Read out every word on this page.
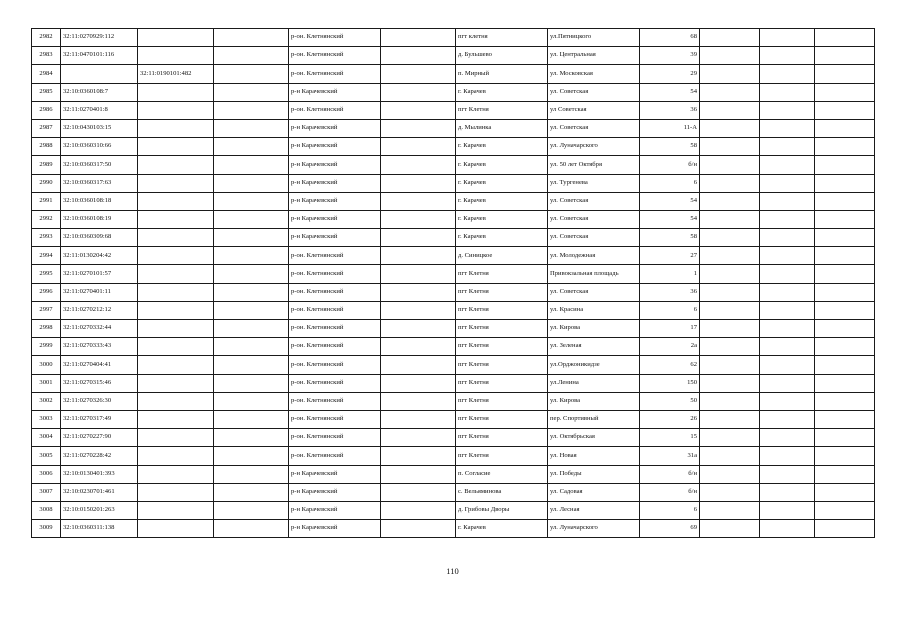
2982	32:11:0270929:112			р-он. Клетнянский		пгт клетня	ул.Пятницкого	68			
2983	32:11:0470101:116			р-он. Клетнянский		д. Бульшево	ул. Центральная	39			
2984		32:11:0190101:482		р-он. Клетнянский		п. Мирный	ул. Московская	29			
2985	32:10:0360108:7			р-н Карачевский		г. Карачев	ул. Советская	54			
2986	32:11:0270401:8			р-он. Клетнянский		пгт Клетня	ул Советская	36			
2987	32:10:0430103:15			р-н Карачевский		д. Мылинка	ул. Советская	11-А			
2988	32:10:0360310:66			р-н Карачевский		г. Карачев	ул. Луначарского	58			
2989	32:10:0360317:50			р-н Карачевский		г. Карачев	ул. 50 лет Октября	б/н			
2990	32:10:0360317:63			р-н Карачевский		г. Карачев	ул. Тургенева	6			
2991	32:10:0360108:18			р-н Карачевский		г. Карачев	ул. Советская	54			
2992	32:10:0360108:19			р-н Карачевский		г. Карачев	ул. Советская	54			
2993	32:10:0360309:68			р-н Карачевский		г. Карачев	ул. Советская	58			
2994	32:11:0130204:42			р-он. Клетнянский		д. Синицкое	ул. Молодежная	27			
2995	32:11:0270101:57			р-он. Клетнянский		пгт Клетня	Привокзальная площадь	1			
2996	32:11:0270401:11			р-он. Клетнянский		пгт Клетня	ул. Советская	36			
2997	32:11:0270212:12			р-он. Клетнянский		пгт Клетня	ул. Красина	6			
2998	32:11:0270332:44			р-он. Клетнянский		пгт Клетня	ул. Кирова	17			
2999	32:11:0270333:43			р-он. Клетнянский		пгт Клетня	ул. Зеленая	2а			
3000	32:11:0270404:41			р-он. Клетнянский		пгт Клетня	ул.Орджоникидзе	62			
3001	32:11:0270315:46			р-он. Клетнянский		пгт Клетня	ул.Ленина	150			
3002	32:11:0270326:30			р-он. Клетнянский		пгт Клетня	ул. Кирова	50			
3003	32:11:0270317:49			р-он. Клетнянский		пгт Клетня	пер. Спортивный	26			
3004	32:11:0270227:90			р-он. Клетнянский		пгт Клетня	ул. Октябрьская	15			
3005	32:11:0270228:42			р-он. Клетнянский		пгт Клетня	ул. Новая	31а			
3006	32:10:0130401:393			р-н Карачевский		п. Согласие	ул. Победы	б/н			
3007	32:10:0230701:461			р-н Карачевский		с. Вельяминова	ул. Садовая	б/н			
3008	32:10:0150201:263			р-н Карачевский		д. Грибовы Дворы	ул. Лесная	6			
3009	32:10:0360311:138			р-н Карачевский		г. Карачев	ул. Луначарского	69			
110
